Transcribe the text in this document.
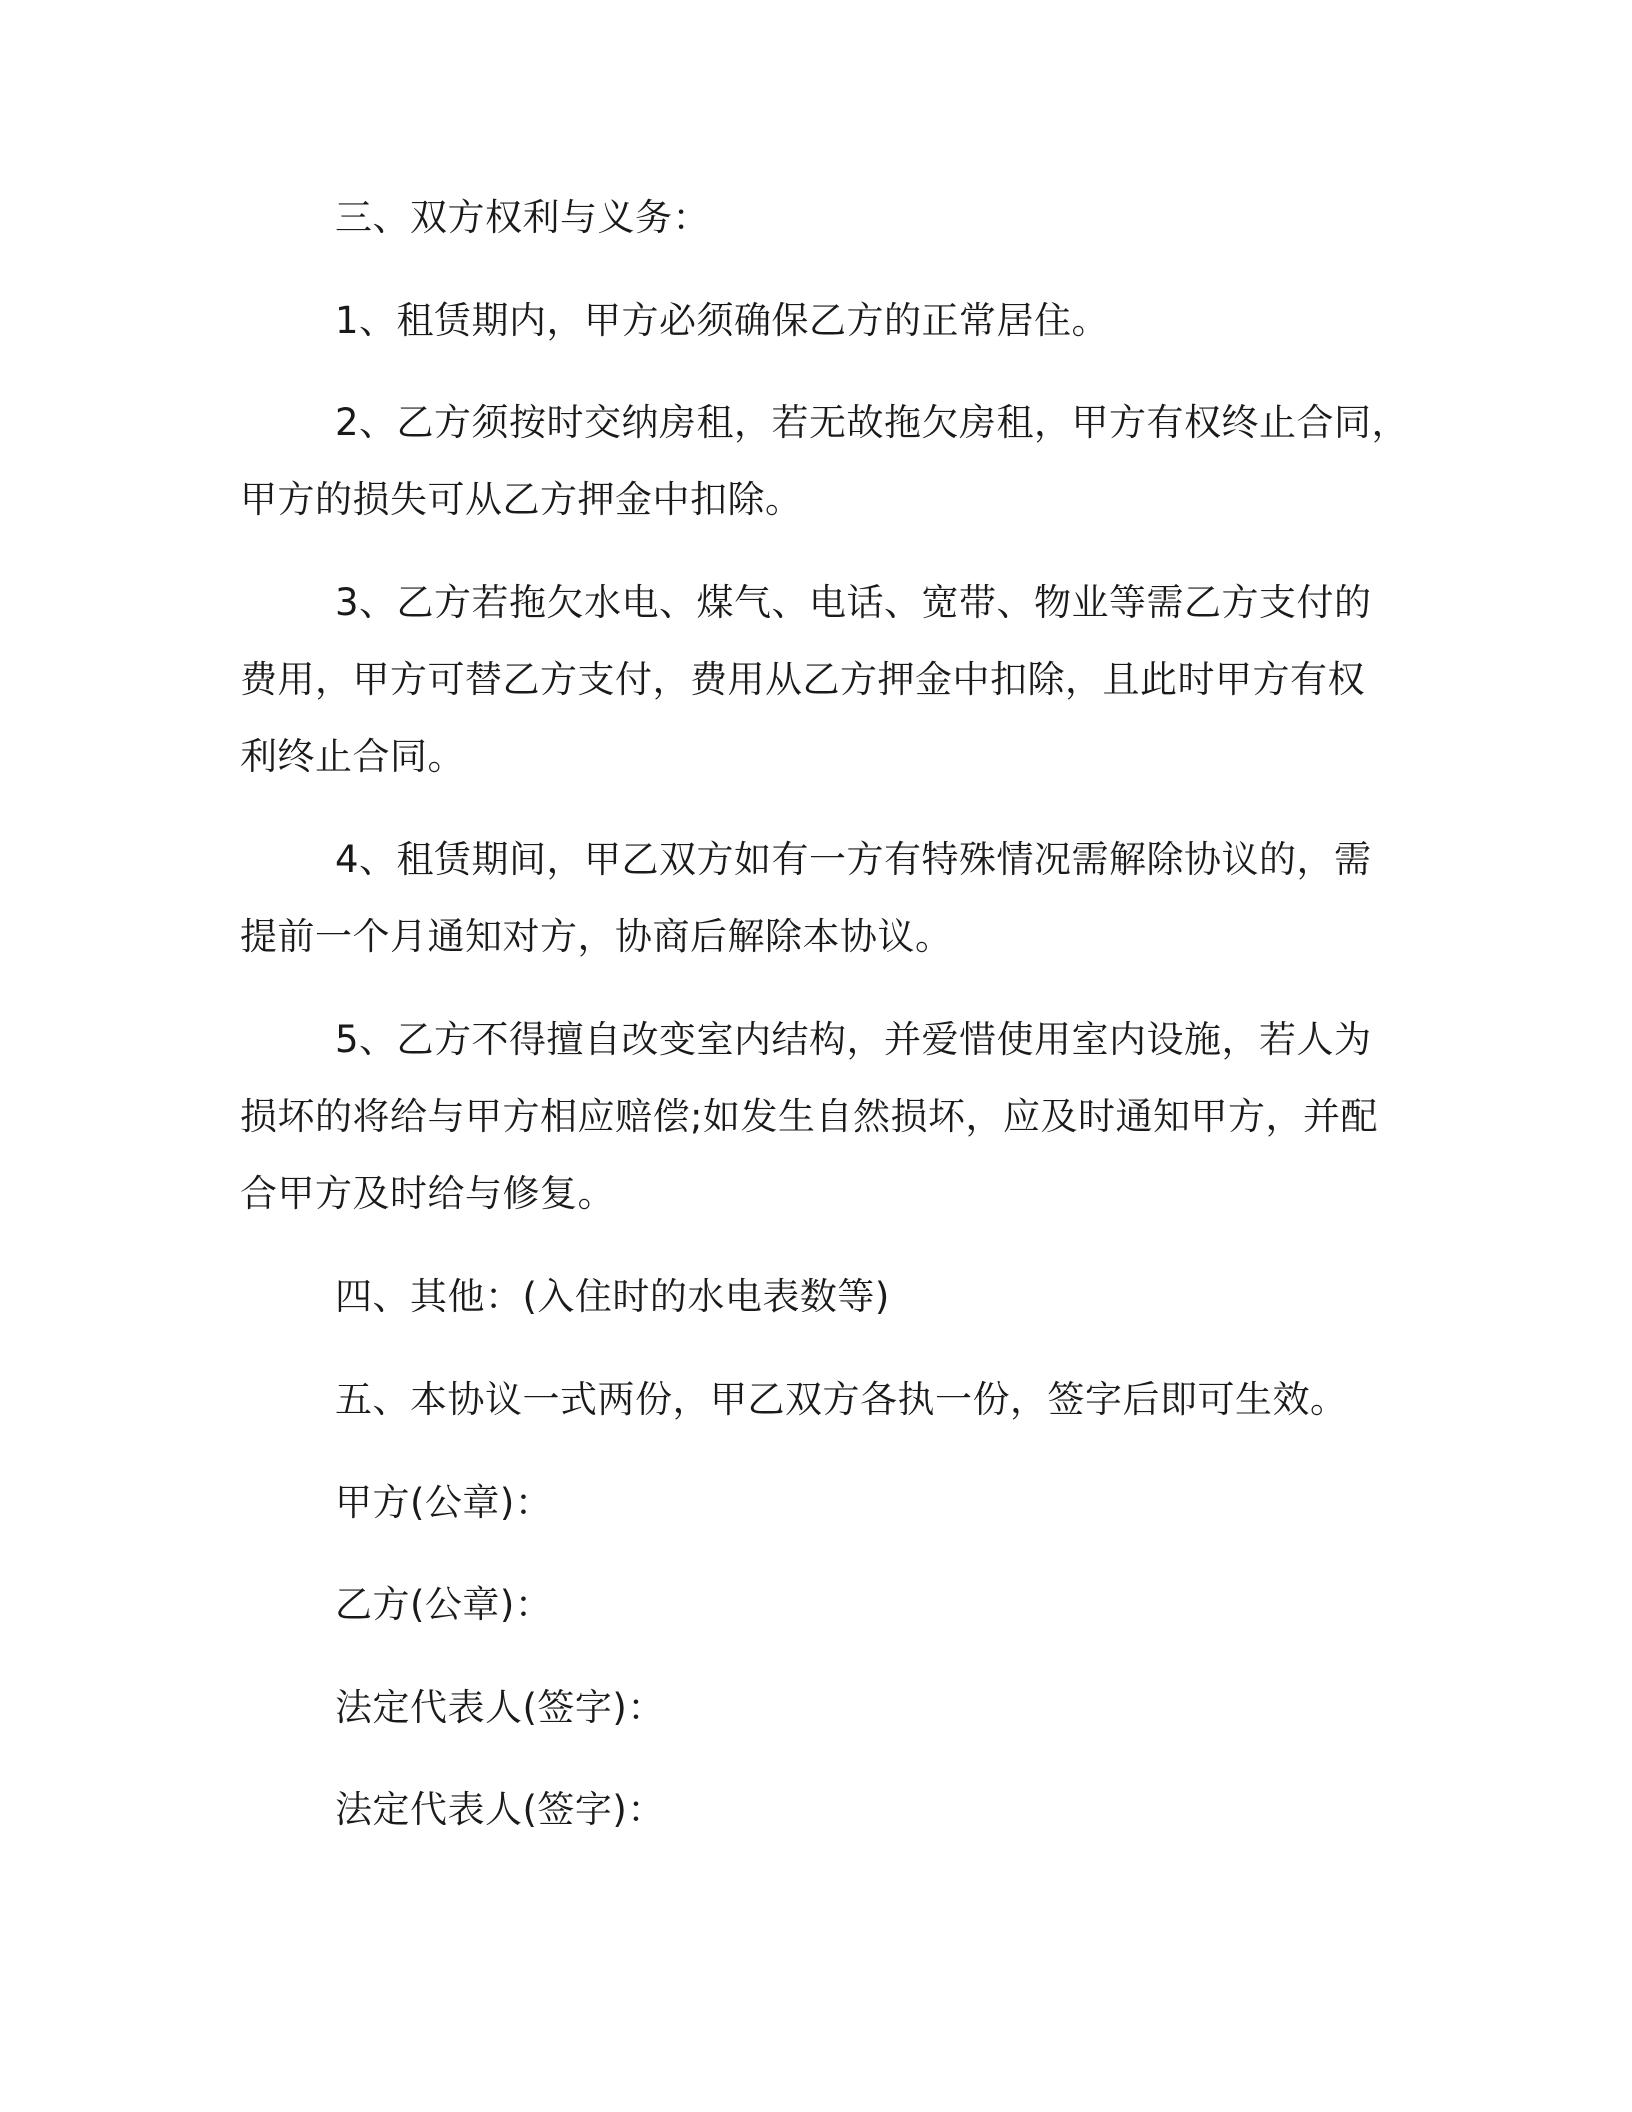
三、双方权利与义务：
1、租赁期内，甲方必须确保乙方的正常居住。
2、乙方须按时交纳房租，若无故拖欠房租，甲方有权终止合同，
甲方的损失可从乙方押金中扣除。
3、乙方若拖欠水电、煤气、电话、宽带、物业等需乙方支付的
费用，甲方可替乙方支付，费用从乙方押金中扣除，且此时甲方有权
利终止合同。
4、租赁期间，甲乙双方如有一方有特殊情况需解除协议的，需
提前一个月通知对方，协商后解除本协议。
5、乙方不得擅自改变室内结构，并爱惜使用室内设施，若人为
损坏的将给与甲方相应赔偿;如发生自然损坏，应及时通知甲方，并配
合甲方及时给与修复。
四、其他：(入住时的水电表数等)
五、本协议一式两份，甲乙双方各执一份，签字后即可生效。
甲方(公章)：
乙方(公章)：
法定代表人(签字)：
法定代表人(签字)：
